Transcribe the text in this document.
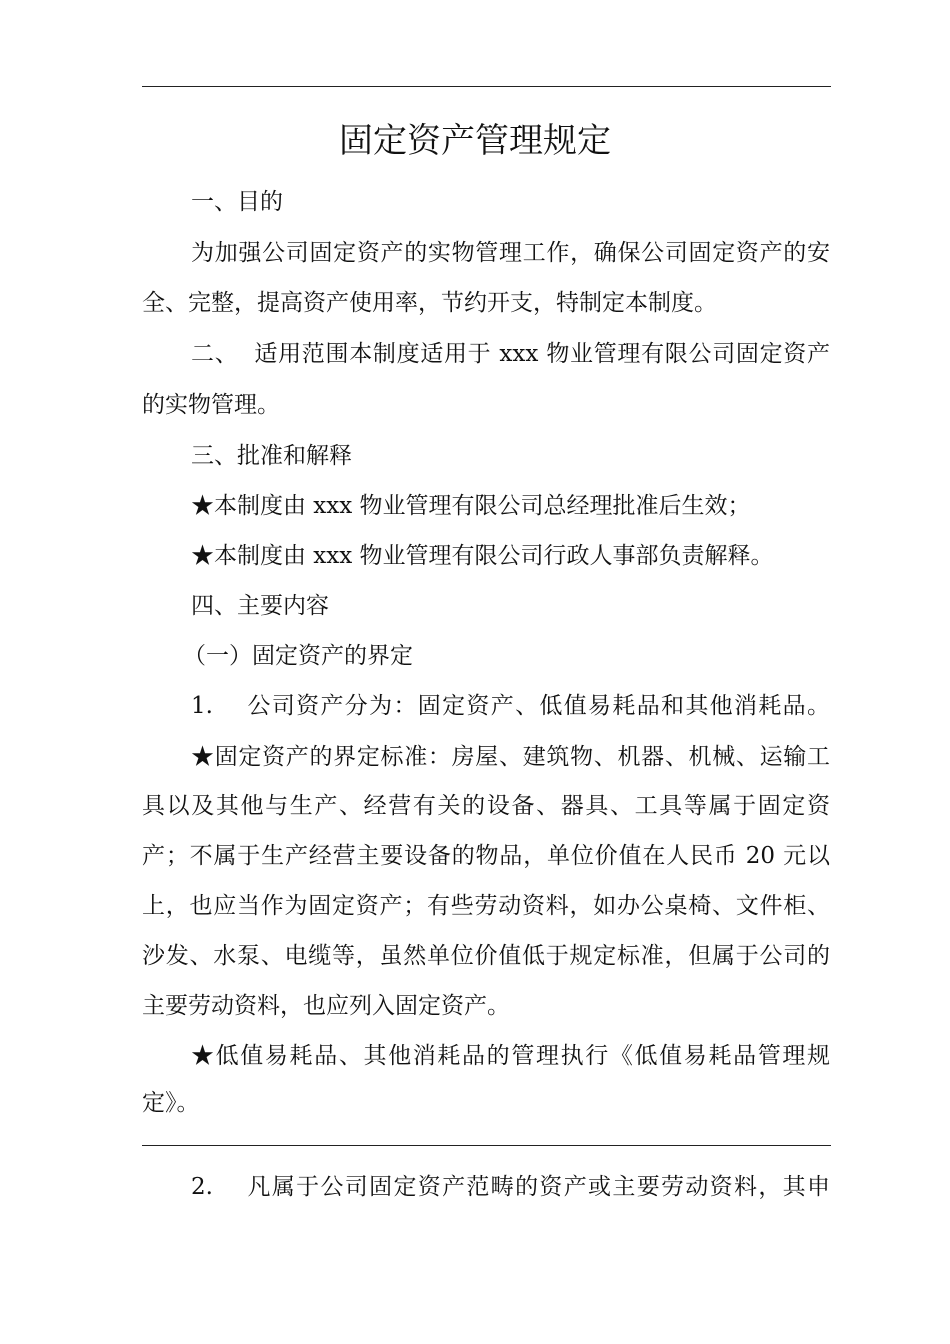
固定资产管理规定
一、目的
为加强公司固定资产的实物管理工作，确保公司固定资产的安
全、完整，提高资产使用率，节约开支，特制定本制度。
二、  适用范围本制度适用于 xxx 物业管理有限公司固定资产
的实物管理。
三、批准和解释
★本制度由 xxx 物业管理有限公司总经理批准后生效；
★本制度由 xxx 物业管理有限公司行政人事部负责解释。
四、主要内容
（一）固定资产的界定
1.    公司资产分为：固定资产、低值易耗品和其他消耗品。
★固定资产的界定标准：房屋、建筑物、机器、机械、运输工
具以及其他与生产、经营有关的设备、器具、工具等属于固定资
产；不属于生产经营主要设备的物品，单位价值在人民币 20 元以
上，也应当作为固定资产；有些劳动资料，如办公桌椅、文件柜、
沙发、水泵、电缆等，虽然单位价值低于规定标准，但属于公司的
主要劳动资料，也应列入固定资产。
★低值易耗品、其他消耗品的管理执行《低值易耗品管理规
定》。
2.    凡属于公司固定资产范畴的资产或主要劳动资料，其申
